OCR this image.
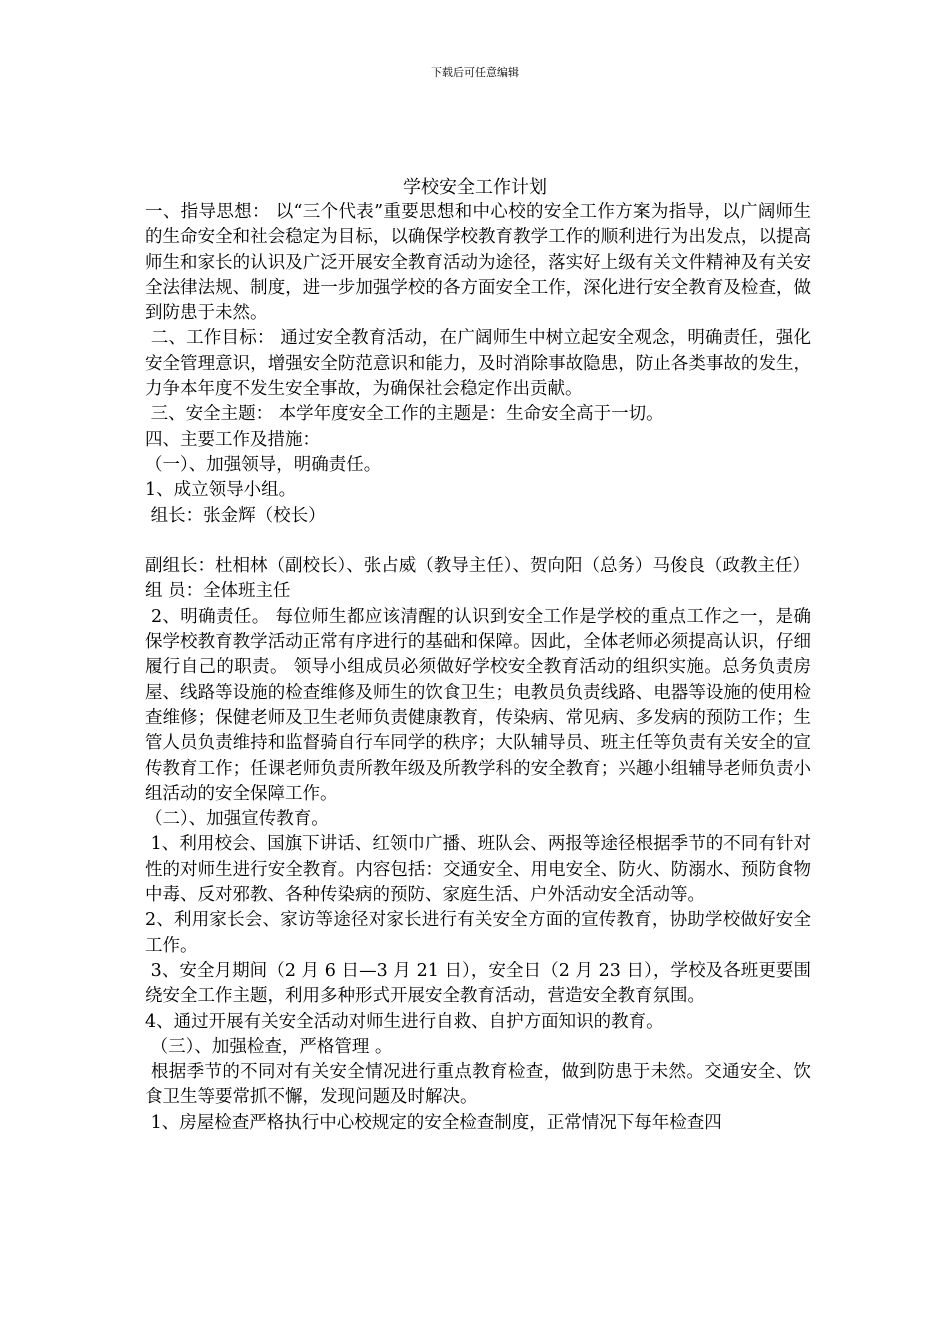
下载后可任意编辑
学校安全工作计划

一、指导思想： 以“三个代表”重要思想和中心校的安全工作方案为指导，以广阔师生的生命安全和社会稳定为目标，以确保学校教育教学工作的顺利进行为出发点，以提高师生和家长的认识及广泛开展安全教育活动为途径，落实好上级有关文件精神及有关安全法律法规、制度，进一步加强学校的各方面安全工作，深化进行安全教育及检查，做到防患于未然。

二、工作目标： 通过安全教育活动，在广阔师生中树立起安全观念，明确责任，强化安全管理意识，增强安全防范意识和能力，及时消除事故隐患，防止各类事故的发生，力争本年度不发生安全事故，为确保社会稳定作出贡献。

三、安全主题： 本学年度安全工作的主题是：生命安全高于一切。

四、主要工作及措施：

（一）、加强领导，明确责任。

1、成立领导小组。

组长：张金辉（校长）

副组长：杜相林（副校长）、张占威（教导主任）、贺向阳（总务）马俊良（政教主任）

组 员：全体班主任

2、明确责任。 每位师生都应该清醒的认识到安全工作是学校的重点工作之一，是确保学校教育教学活动正常有序进行的基础和保障。因此，全体老师必须提高认识，仔细履行自己的职责。 领导小组成员必须做好学校安全教育活动的组织实施。总务负责房屋、线路等设施的检查维修及师生的饮食卫生；电教员负责线路、电器等设施的使用检查维修；保健老师及卫生老师负责健康教育，传染病、常见病、多发病的预防工作；生管人员负责维持和监督骑自行车同学的秩序；大队辅导员、班主任等负责有关安全的宣传教育工作；任课老师负责所教年级及所教学科的安全教育；兴趣小组辅导老师负责小组活动的安全保障工作。

（二）、加强宣传教育。

1、利用校会、国旗下讲话、红领巾广播、班队会、两报等途径根据季节的不同有针对性的对师生进行安全教育。内容包括：交通安全、用电安全、防火、防溺水、预防食物中毒、反对邪教、各种传染病的预防、家庭生活、户外活动安全活动等。

2、利用家长会、家访等途径对家长进行有关安全方面的宣传教育，协助学校做好安全工作。

3、安全月期间（2 月 6 日—3 月 21 日），安全日（2 月 23 日），学校及各班更要围绕安全工作主题，利用多种形式开展安全教育活动，营造安全教育氛围。

4、通过开展有关安全活动对师生进行自救、自护方面知识的教育。

（三）、加强检查，严格管理 。

根据季节的不同对有关安全情况进行重点教育检查，做到防患于未然。交通安全、饮食卫生等要常抓不懈，发现问题及时解决。

1、房屋检查严格执行中心校规定的安全检查制度，正常情况下每年检查四
